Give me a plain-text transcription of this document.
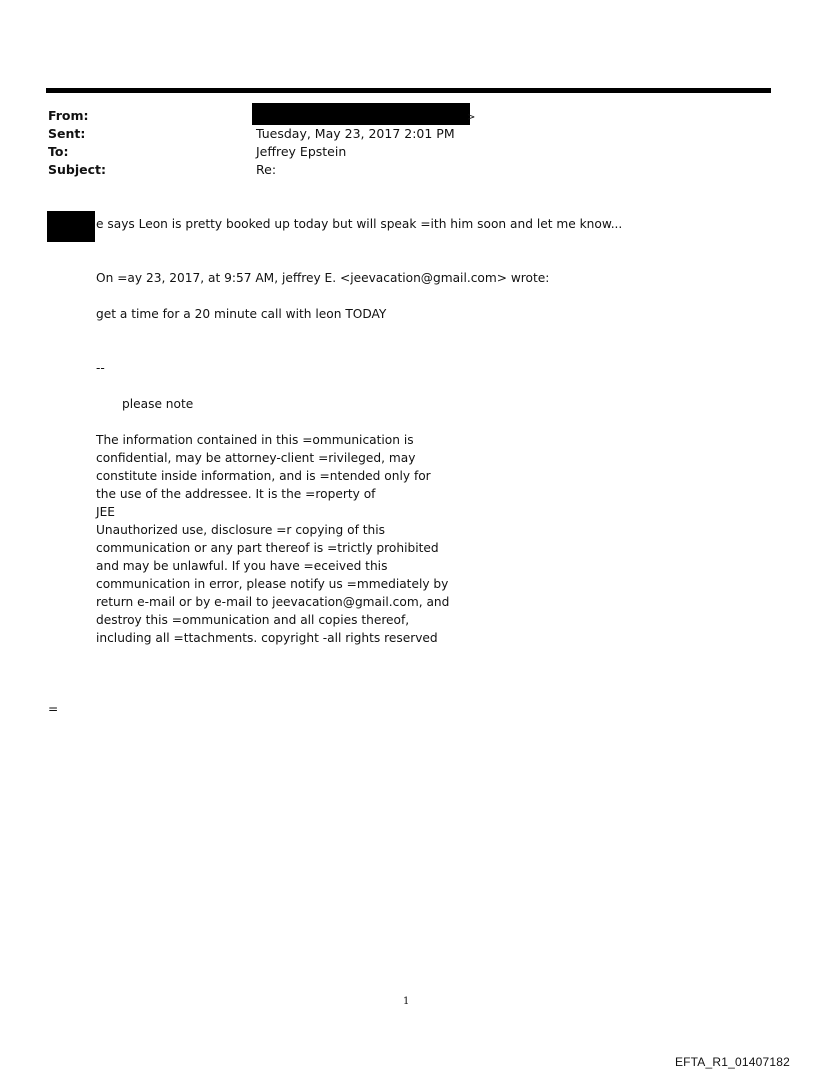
From:	>
Sent:	Tuesday, May 23, 2017 2:01 PM
To:	Jeffrey Epstein
Subject:	Re:
e says Leon is pretty booked up today but will speak =ith him soon and let me know...
On =ay 23, 2017, at 9:57 AM, jeffrey E. <jeevacation@gmail.com> wrote:
get a time for a 20 minute call with leon TODAY
--
please note
The information contained in this =ommunication is
confidential, may be attorney-client =rivileged, may
constitute inside information, and is =ntended only for
the use of the addressee. It is the =roperty of
JEE
Unauthorized use, disclosure =r copying of this
communication or any part thereof is =trictly prohibited
and may be unlawful. If you have =eceived this
communication in error, please notify us =mmediately by
return e-mail or by e-mail to jeevacation@gmail.com, and
destroy this =ommunication and all copies thereof,
including all =ttachments. copyright -all rights reserved
=
1
EFTA_R1_01407182
